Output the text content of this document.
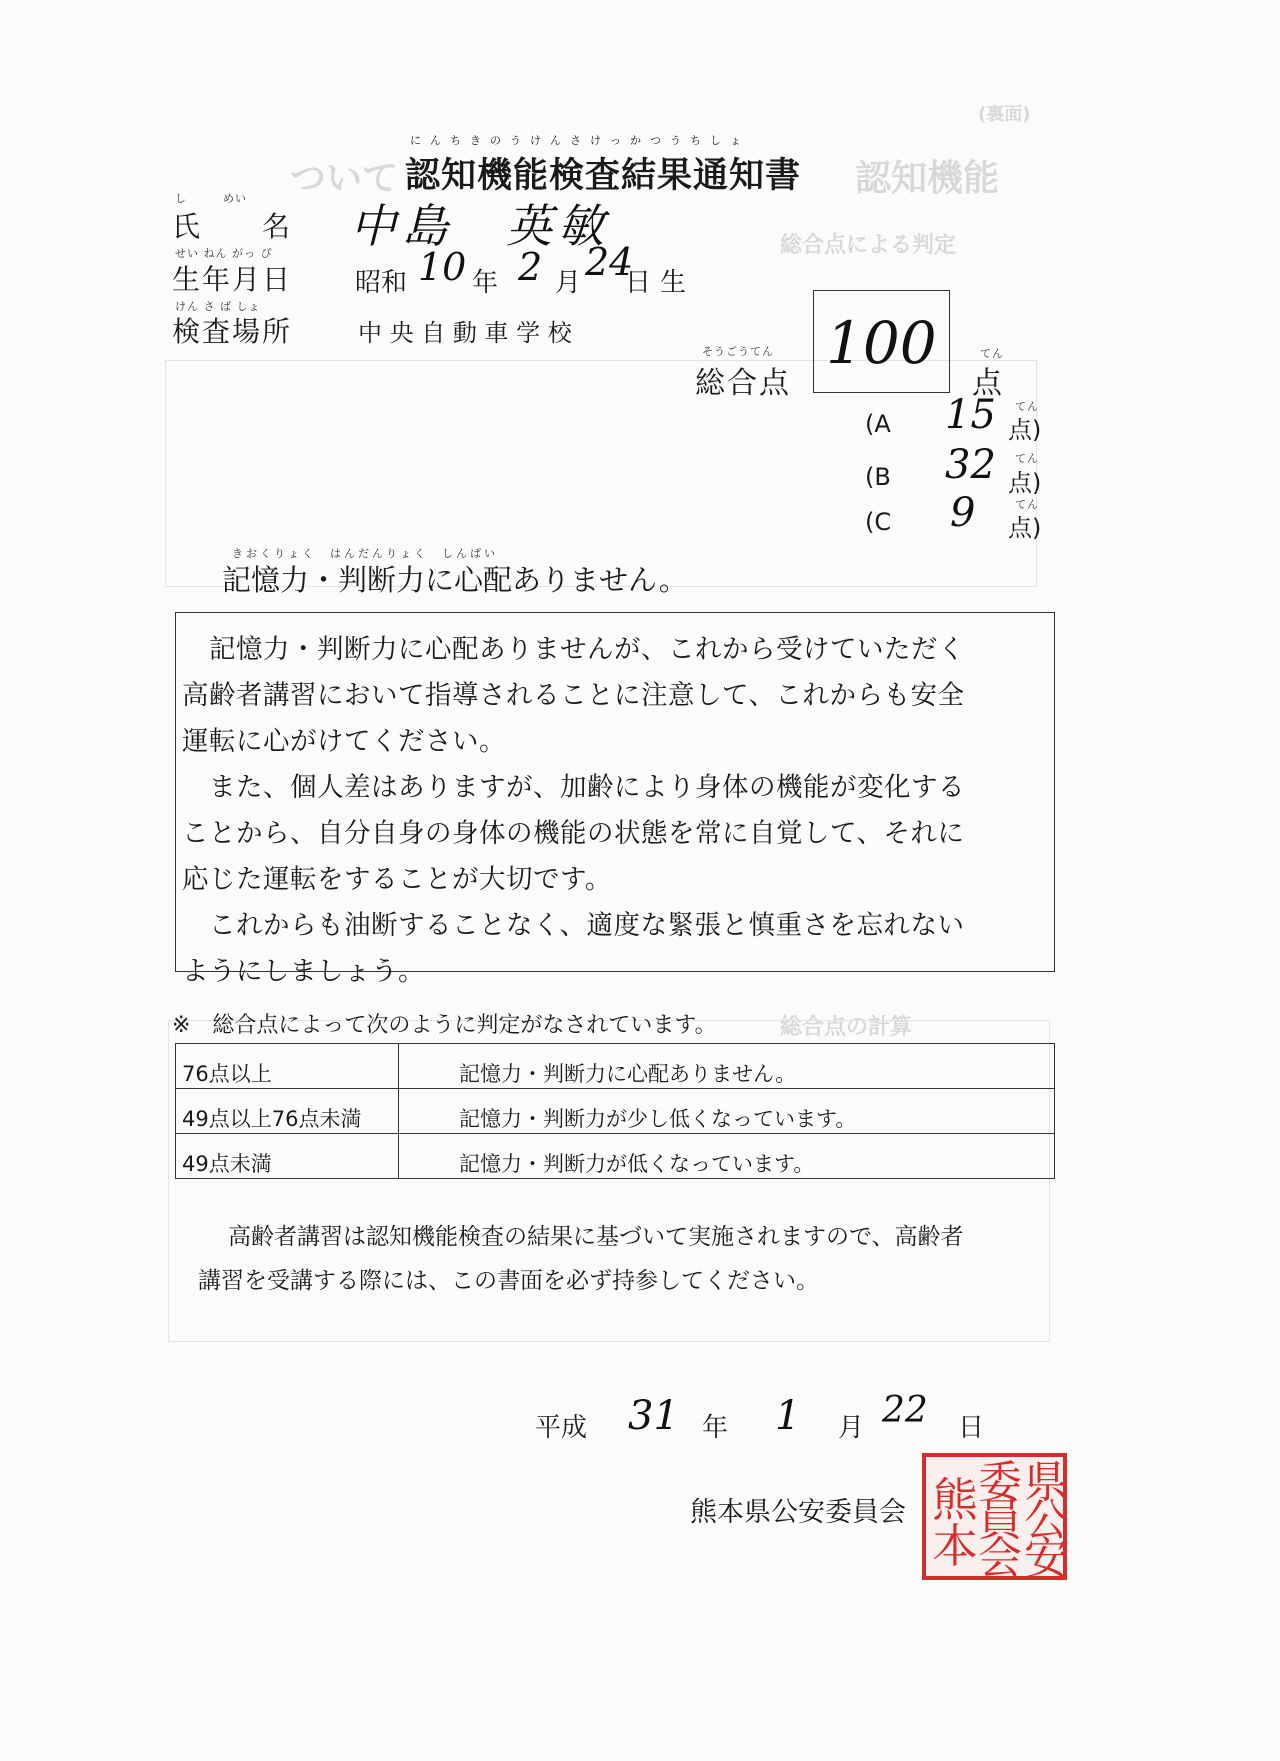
(裏面)
認知機能
ついて
総合点による判定
総合点の計算
にんちきのうけんさけっかつうちしょ
認知機能検査結果通知書
し　　　めい
氏　　名 中島　英敏
せい ねん がっ ぴ
生年月日 昭和 10 年 2 月 24
日 生
けん さ ば しょ
検査場所	中 央 自 動 車 学 校
そうごうてん
総合点
100	てん
点
(A 15 てん
点)
(B 32 てん
点)
(C 9	てん
点)
きおくりょく　はんだんりょく　しんぱい
記憶力・判断力に心配ありません。

記憶力・判断力に心配ありませんが、これから受けていただく

高齢者講習において指導されることに注意して、これからも安全

運転に心がけてください。

また、個人差はありますが、加齢により身体の機能が変化する

ことから、自分自身の身体の機能の状態を常に自覚して、それに

応じた運転をすることが大切です。

これからも油断することなく、適度な緊張と慎重さを忘れない

ようにしましょう。

※　総合点によって次のように判定がなされています。
76点以上	記憶力・判断力に心配ありません。
49点以上76点未満	記憶力・判断力が少し低くなっています。
49点未満	記憶力・判断力が低くなっています。
高齢者講習は認知機能検査の結果に基づいて実施されますので、高齢者
講習を受講する際には、この書面を必ず持参してください。
平成 31 年 1 月 22 日
熊本県公安委員会
県
公
安
委
員
会
熊
本
